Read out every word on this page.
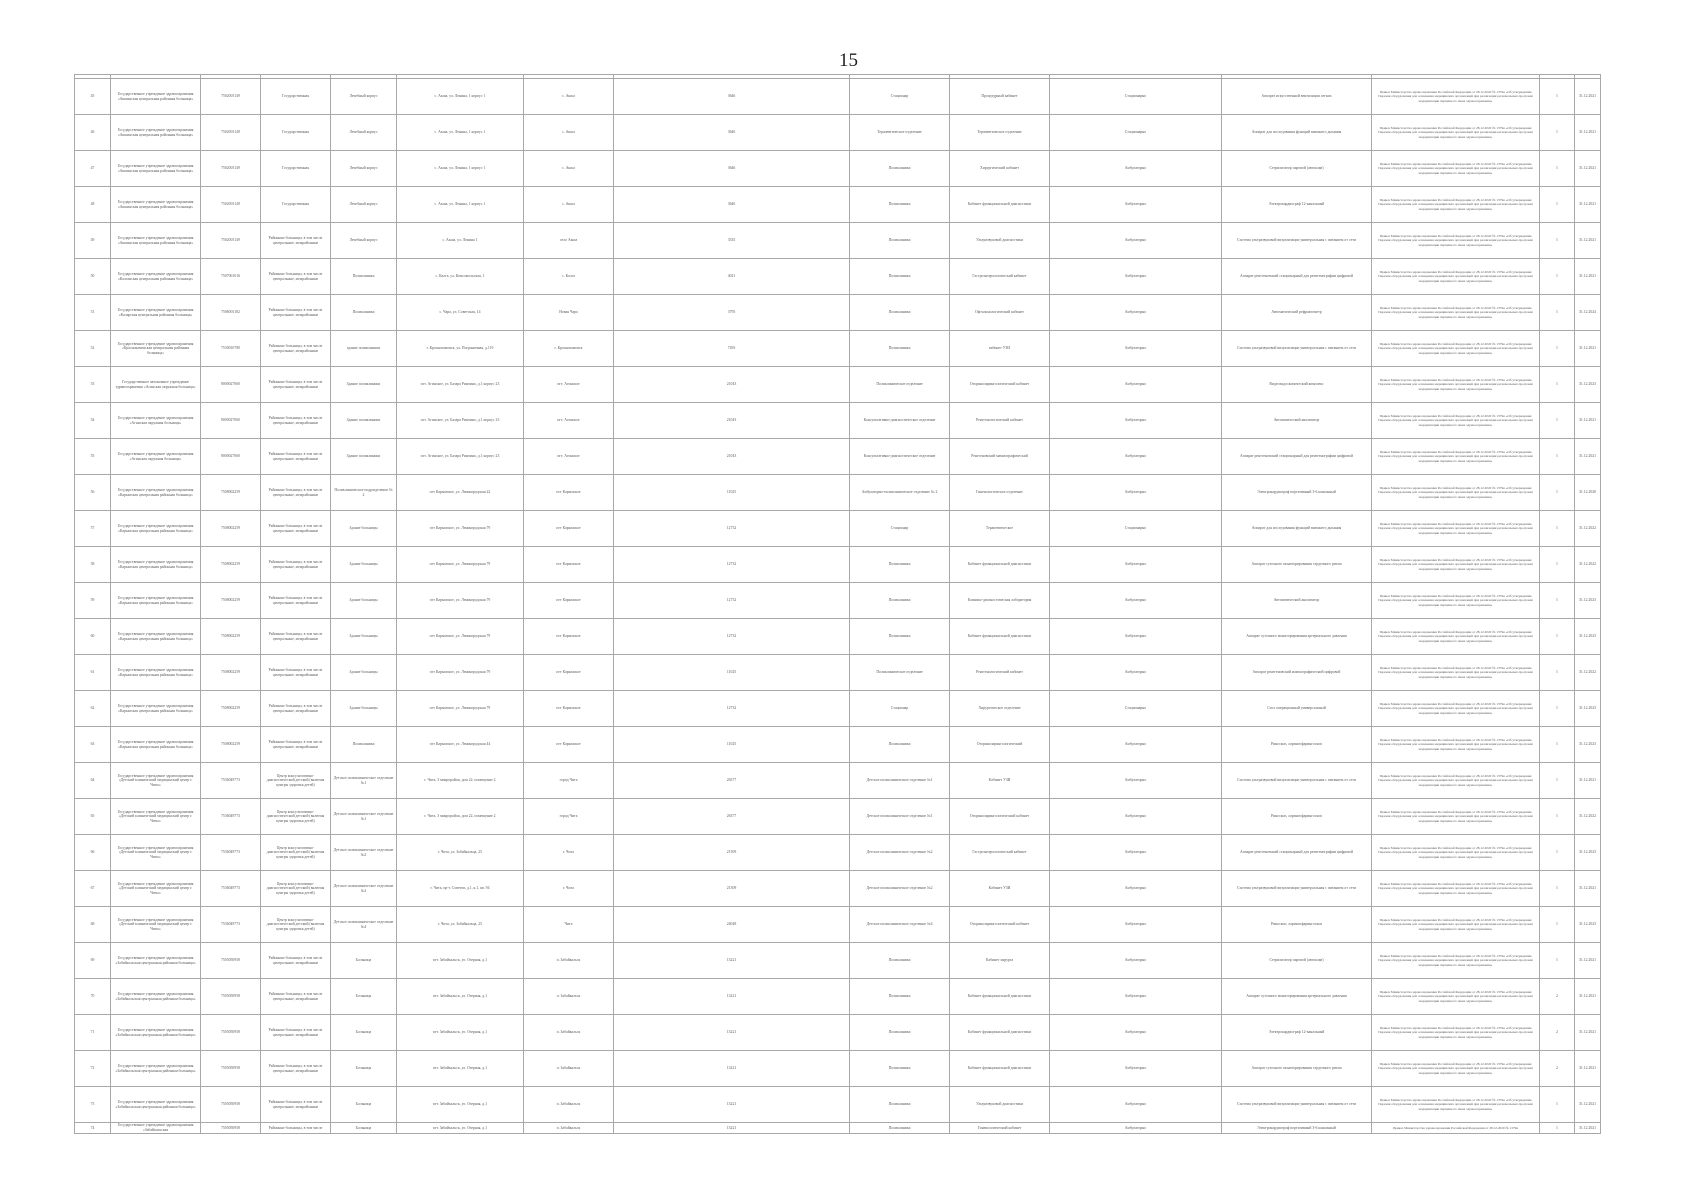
15

45	Государственное учреждение здравоохранения «Акшинская центральная районная больница»	7502001149	Государственная	Лечебный корпус	с. Акша, ул. Ленина, 1 корпус 1	с. Акша	3646	Стационар	Процедурный кабинет	Стационарно	Аппарат искусственной вентиляции легких	Приказ Министерства здравоохранения Российской Федерации от 28.12.2020 № 1379н «Об утверждении Перечня оборудования для оснащения медицинских организаций при реализации региональных программ модернизации первичного звена здравоохранения»	1	31.12.2021
46	Государственное учреждение здравоохранения «Акшинская центральная районная больница»	7502001149	Государственная	Лечебный корпус	с. Акша, ул. Ленина, 1 корпус 1	с. Акша	3646	Терапевтическое отделение	Терапевтическое отделение	Стационарно	Аппарат для исследования функций внешнего дыхания	Приказ Министерства здравоохранения Российской Федерации от 28.12.2020 № 1379н «Об утверждении Перечня оборудования для оснащения медицинских организаций при реализации региональных программ модернизации первичного звена здравоохранения»	1	31.12.2021
47	Государственное учреждение здравоохранения «Акшинская центральная районная больница»	7502001149	Государственная	Лечебный корпус	с. Акша, ул. Ленина, 1 корпус 1	с. Акша	3646	Поликлиника	Хирургический кабинет	Амбулаторно	Стерилизатор паровой (автоклав)	Приказ Министерства здравоохранения Российской Федерации от 28.12.2020 № 1379н «Об утверждении Перечня оборудования для оснащения медицинских организаций при реализации региональных программ модернизации первичного звена здравоохранения»	1	31.12.2021
48	Государственное учреждение здравоохранения «Акшинская центральная районная больница»	7502001149	Государственная	Лечебный корпус	с. Акша, ул. Ленина, 1 корпус 1	с. Акша	3646	Поликлиника	Кабинет функциональной диагностики	Амбулаторно	Электрокардиограф 12-канальный	Приказ Министерства здравоохранения Российской Федерации от 28.12.2020 № 1379н «Об утверждении Перечня оборудования для оснащения медицинских организаций при реализации региональных программ модернизации первичного звена здравоохранения»	1	31.12.2021
49	Государственное учреждение здравоохранения «Акшинская центральная районная больница»	7502001149	Районные больницы, в том числе центральные, межрайонные	Лечебный корпус	с. Акша, ул. Ленина 1	село Акша	3335	Поликлиника	Ультразвуковой диагностики	Амбулаторно	Система ультразвуковой визуализации универсальная с питанием от сети	Приказ Министерства здравоохранения Российской Федерации от 28.12.2020 № 1379н «Об утверждении Перечня оборудования для оснащения медицинских организаций при реализации региональных программ модернизации первичного звена здравоохранения»	1	31.12.2021
50	Государственное учреждение здравоохранения «Калганская центральная районная больница»	7507001016	Районные больницы, в том числе центральные, межрайонные	Поликлиника	с. Калга, ул. Комсомольская, 1	с. Калга	4021	Поликлиника	Гастроэнтерологический кабинет	Амбулаторно	Аппарат рентгеновский стационарный для рентгенографии цифровой	Приказ Министерства здравоохранения Российской Федерации от 28.12.2020 № 1379н «Об утверждении Перечня оборудования для оснащения медицинских организаций при реализации региональных программ модернизации первичного звена здравоохранения»	1	31.12.2021
51	Государственное учреждение здравоохранения «Каларская центральная районная больница»	7506001182	Районные больницы, в том числе центральные, межрайонные	Поликлиника	с. Чара, ул. Советская, 14	Новая Чара	3795	Поликлиника	Офтальмологический кабинет	Амбулаторно	Автоматический рефрактометр	Приказ Министерства здравоохранения Российской Федерации от 28.12.2020 № 1379н «Об утверждении Перечня оборудования для оснащения медицинских организаций при реализации региональных программ модернизации первичного звена здравоохранения»	1	31.12.2024
52	Государственное учреждение здравоохранения «Краснокаменская центральная районная больница»	7530010780	Районные больницы, в том числе центральные, межрайонные	здание поликлиники	г. Краснокаменск, ул. Пограничная, д.119	г. Краснокаменск	7493	Поликлиника	кабинет УЗИ	Амбулаторно	Система ультразвуковой визуализации универсальная с питанием от сети	Приказ Министерства здравоохранения Российской Федерации от 28.12.2020 № 1379н «Об утверждении Перечня оборудования для оснащения медицинских организаций при реализации региональных программ модернизации первичного звена здравоохранения»	1	31.12.2021
53	Государственное автономное учреждение здравоохранения «Агинская окружная больница»	8000027060	Районные больницы, в том числе центральные, межрайонные	Здание поликлиники	пгт. Агинское, ул. Базара Ринчино, д.1 корпус 23	пгт. Агинское	21043	Поликлиническое отделение	Оториноларингологический кабинет	Амбулаторно	Видеоэндоскопический комплекс	Приказ Министерства здравоохранения Российской Федерации от 28.12.2020 № 1379н «Об утверждении Перечня оборудования для оснащения медицинских организаций при реализации региональных программ модернизации первичного звена здравоохранения»	1	31.12.2023
54	Государственное учреждение здравоохранения «Агинская окружная больница»	8000027060	Районные больницы, в том числе центральные, межрайонные	Здание поликлиники	пгт. Агинское, ул. Базара Ринчино, д.1 корпус 23	пгт. Агинское	21043	Консультативно-диагностическое отделение	Рентгенологический кабинет	Амбулаторно	Автоматический анализатор	Приказ Министерства здравоохранения Российской Федерации от 28.12.2020 № 1379н «Об утверждении Перечня оборудования для оснащения медицинских организаций при реализации региональных программ модернизации первичного звена здравоохранения»	1	31.12.2021
55	Государственное учреждение здравоохранения «Агинская окружная больница»	8000027060	Районные больницы, в том числе центральные, межрайонные	Здание поликлиники	пгт. Агинское, ул. Базара Ринчино, д.1 корпус 23	пгт. Агинское	21043	Консультативно-диагностическое отделение	Рентгеновский маммографический	Амбулаторно	Аппарат рентгеновский стационарный для рентгенографии цифровой	Приказ Министерства здравоохранения Российской Федерации от 28.12.2020 № 1379н «Об утверждении Перечня оборудования для оснащения медицинских организаций при реализации региональных программ модернизации первичного звена здравоохранения»	1	31.12.2021
56	Государственное учреждение здравоохранения «Карымская центральная районная больница»	7508002259	Районные больницы, в том числе центральные, межрайонные	Поликлиническое подразделение № 2	пгт Карымское, ул. Ленинградская 22	пгт Карымское	11025	Амбулаторно-поликлиническое отделение № 2	Гинекологическое отделение	Амбулаторно	Электрокардиограф портативный 3-6 канальный	Приказ Министерства здравоохранения Российской Федерации от 28.12.2020 № 1379н «Об утверждении Перечня оборудования для оснащения медицинских организаций при реализации региональных программ модернизации первичного звена здравоохранения»	1	31.12.2020
57	Государственное учреждение здравоохранения «Карымская центральная районная больница»	7508002259	Районные больницы, в том числе центральные, межрайонные	Здание больницы	пгт Карымское, ул. Ленинградская 79	пгт Карымское	12732	Стационар	Терапевтическое	Стационарно	Аппарат для исследования функций внешнего дыхания	Приказ Министерства здравоохранения Российской Федерации от 28.12.2020 № 1379н «Об утверждении Перечня оборудования для оснащения медицинских организаций при реализации региональных программ модернизации первичного звена здравоохранения»	1	31.12.2022
58	Государственное учреждение здравоохранения «Карымская центральная районная больница»	7508002259	Районные больницы, в том числе центральные, межрайонные	Здание больницы	пгт Карымское, ул. Ленинградская 79	пгт Карымское	12732	Поликлиника	Кабинет функциональной диагностики	Амбулаторно	Аппарат суточного мониторирования сердечного ритма	Приказ Министерства здравоохранения Российской Федерации от 28.12.2020 № 1379н «Об утверждении Перечня оборудования для оснащения медицинских организаций при реализации региональных программ модернизации первичного звена здравоохранения»	1	31.12.2022
59	Государственное учреждение здравоохранения «Карымская центральная районная больница»	7508002259	Районные больницы, в том числе центральные, межрайонные	Здание больницы	пгт Карымское, ул. Ленинградская 79	пгт Карымское	12732	Поликлиника	Клинико-диагностическая лаборатория	Амбулаторно	Автоматический анализатор	Приказ Министерства здравоохранения Российской Федерации от 28.12.2020 № 1379н «Об утверждении Перечня оборудования для оснащения медицинских организаций при реализации региональных программ модернизации первичного звена здравоохранения»	1	31.12.2023
60	Государственное учреждение здравоохранения «Карымская центральная районная больница»	7508002259	Районные больницы, в том числе центральные, межрайонные	Здание больницы	пгт Карымское, ул. Ленинградская 79	пгт Карымское	12732	Поликлиника	Кабинет функциональной диагностики	Амбулаторно	Аппарат суточного мониторирования артериального давления	Приказ Министерства здравоохранения Российской Федерации от 28.12.2020 № 1379н «Об утверждении Перечня оборудования для оснащения медицинских организаций при реализации региональных программ модернизации первичного звена здравоохранения»	1	31.12.2023
61	Государственное учреждение здравоохранения «Карымская центральная районная больница»	7508002259	Районные больницы, в том числе центральные, межрайонные	Здание больницы	пгт Карымское, ул. Ленинградская 79	пгт Карымское	11025	Поликлиническое отделение	Рентгенологический кабинет	Амбулаторно	Аппарат рентгеновский маммографический цифровой	Приказ Министерства здравоохранения Российской Федерации от 28.12.2020 № 1379н «Об утверждении Перечня оборудования для оснащения медицинских организаций при реализации региональных программ модернизации первичного звена здравоохранения»	1	31.12.2022
62	Государственное учреждение здравоохранения «Карымская центральная районная больница»	7508002259	Районные больницы, в том числе центральные, межрайонные	Здание больницы	пгт Карымское, ул. Ленинградская 79	пгт Карымское	12732	Стационар	Хирургическое отделение	Стационарно	Стол операционный универсальный	Приказ Министерства здравоохранения Российской Федерации от 28.12.2020 № 1379н «Об утверждении Перечня оборудования для оснащения медицинских организаций при реализации региональных программ модернизации первичного звена здравоохранения»	1	31.12.2023
63	Государственное учреждение здравоохранения «Карымская центральная районная больница»	7508002259	Районные больницы, в том числе центральные, межрайонные	Поликлиника	пгт Карымское, ул. Ленинградская 44	пгт Карымское	11025	Поликлиника	Оториноларингологический	Амбулаторно	Риноскоп, ларингофарингоскоп	Приказ Министерства здравоохранения Российской Федерации от 28.12.2020 № 1379н «Об утверждении Перечня оборудования для оснащения медицинских организаций при реализации региональных программ модернизации первичного звена здравоохранения»	1	31.12.2023
64	Государственное учреждение здравоохранения «Детский клинический медицинский центр г. Читы»	7536049773	Центр консультативно-диагностический детский (включая центры здоровья детей)	Детское поликлиническое отделение №1	г. Чита, 3 микрорайон, дом 22, помещение 2	город Чита	26377	Детское поликлиническое отделение №1	Кабинет УЗИ	Амбулаторно	Система ультразвуковой визуализации универсальная с питанием от сети	Приказ Министерства здравоохранения Российской Федерации от 28.12.2020 № 1379н «Об утверждении Перечня оборудования для оснащения медицинских организаций при реализации региональных программ модернизации первичного звена здравоохранения»	1	31.12.2021
65	Государственное учреждение здравоохранения «Детский клинический медицинский центр г. Читы»	7536049773	Центр консультативно-диагностический детский (включая центры здоровья детей)	Детское поликлиническое отделение №1	г. Чита, 3 микрорайон, дом 22, помещение 2	город Чита	26377	Детское поликлиническое отделение №1	Оториноларингологический кабинет	Амбулаторно	Риноскоп, ларингофарингоскоп	Приказ Министерства здравоохранения Российской Федерации от 28.12.2020 № 1379н «Об утверждении Перечня оборудования для оснащения медицинских организаций при реализации региональных программ модернизации первичного звена здравоохранения»	1	31.12.2022
66	Государственное учреждение здравоохранения «Детский клинический медицинский центр г. Читы»	7536049773	Центр консультативно-диагностический детский (включая центры здоровья детей)	Детское поликлиническое отделение №2	г. Чита, ул. Забайкальца, 25	г. Чита	21309	Детское поликлиническое отделение №2	Гастроэнтерологический кабинет	Амбулаторно	Аппарат рентгеновский стационарный для рентгенографии цифровой	Приказ Министерства здравоохранения Российской Федерации от 28.12.2020 № 1379н «Об утверждении Перечня оборудования для оснащения медицинских организаций при реализации региональных программ модернизации первичного звена здравоохранения»	1	31.12.2023
67	Государственное учреждение здравоохранения «Детский клинический медицинский центр г. Читы»	7536049773	Центр консультативно-диагностический детский (включая центры здоровья детей)	Детское поликлиническое отделение №2	г. Чита, пр-т. Советов, д.1, к.1, кв. 94	г. Чита	21309	Детское поликлиническое отделение №2	Кабинет УЗИ	Амбулаторно	Система ультразвуковой визуализации универсальная с питанием от сети	Приказ Министерства здравоохранения Российской Федерации от 28.12.2020 № 1379н «Об утверждении Перечня оборудования для оснащения медицинских организаций при реализации региональных программ модернизации первичного звена здравоохранения»	1	31.12.2021
68	Государственное учреждение здравоохранения «Детский клинический медицинский центр г. Читы»	7536049773	Центр консультативно-диагностический детский (включая центры здоровья детей)	Детское поликлиническое отделение №4	г. Чита, ул. Забайкальца, 25	Чита	24048	Детское поликлиническое отделение №4	Оториноларингологический кабинет	Амбулаторно	Риноскоп, ларингофарингоскоп	Приказ Министерства здравоохранения Российской Федерации от 28.12.2020 № 1379н «Об утверждении Перечня оборудования для оснащения медицинских организаций при реализации региональных программ модернизации первичного звена здравоохранения»	1	31.12.2023
69	Государственное учреждение здравоохранения «Забайкальская центральная районная больница»	7505050958	Районные больницы, в том числе центральные, межрайонные	Больница	пгт. Забайкальск, ул. Озерная, д.1	п. Забайкальск	13221	Поликлиника	Кабинет хирурга	Амбулаторно	Стерилизатор паровой (автоклав)	Приказ Министерства здравоохранения Российской Федерации от 28.12.2020 № 1379н «Об утверждении Перечня оборудования для оснащения медицинских организаций при реализации региональных программ модернизации первичного звена здравоохранения»	1	31.12.2021
70	Государственное учреждение здравоохранения «Забайкальская центральная районная больница»	7505050958	Районные больницы, в том числе центральные, межрайонные	Больница	пгт. Забайкальск, ул. Озерная, д.1	п. Забайкальск	13221	Поликлиника	Кабинет функциональной диагностики	Амбулаторно	Аппарат суточного мониторирования артериального давления	Приказ Министерства здравоохранения Российской Федерации от 28.12.2020 № 1379н «Об утверждении Перечня оборудования для оснащения медицинских организаций при реализации региональных программ модернизации первичного звена здравоохранения»	2	31.12.2021
71	Государственное учреждение здравоохранения «Забайкальская центральная районная больница»	7505050958	Районные больницы, в том числе центральные, межрайонные	Больница	пгт. Забайкальск, ул. Озерная, д.1	п. Забайкальск	13221	Поликлиника	Кабинет функциональной диагностики	Амбулаторно	Электрокардиограф 12-канальный	Приказ Министерства здравоохранения Российской Федерации от 28.12.2020 № 1379н «Об утверждении Перечня оборудования для оснащения медицинских организаций при реализации региональных программ модернизации первичного звена здравоохранения»	2	31.12.2021
72	Государственное учреждение здравоохранения «Забайкальская центральная районная больница»	7505050958	Районные больницы, в том числе центральные, межрайонные	Больница	пгт. Забайкальск, ул. Озерная, д.1	п. Забайкальск	13221	Поликлиника	Кабинет функциональной диагностики	Амбулаторно	Аппарат суточного мониторирования сердечного ритма	Приказ Министерства здравоохранения Российской Федерации от 28.12.2020 № 1379н «Об утверждении Перечня оборудования для оснащения медицинских организаций при реализации региональных программ модернизации первичного звена здравоохранения»	2	31.12.2021
73	Государственное учреждение здравоохранения «Забайкальская центральная районная больница»	7505050958	Районные больницы, в том числе центральные, межрайонные	Больница	пгт. Забайкальск, ул. Озерная, д.1	п. Забайкальск	13221	Поликлиника	Ультразвуковой диагностики	Амбулаторно	Система ультразвуковой визуализации универсальная с питанием от сети	Приказ Министерства здравоохранения Российской Федерации от 28.12.2020 № 1379н «Об утверждении Перечня оборудования для оснащения медицинских организаций при реализации региональных программ модернизации первичного звена здравоохранения»	1	31.12.2021
74	Государственное учреждение здравоохранения «Забайкальская	7505050958	Районные больницы, в том числе	Больница	пгт. Забайкальск, ул. Озерная, д.1	п. Забайкальск	13221	Поликлиника	Гинекологический кабинет	Амбулаторно	Электрокардиограф портативный 3-6 канальный	Приказ Министерства здравоохранения Российской Федерации от 28.12.2020 № 1379н	1	31.12.2021
